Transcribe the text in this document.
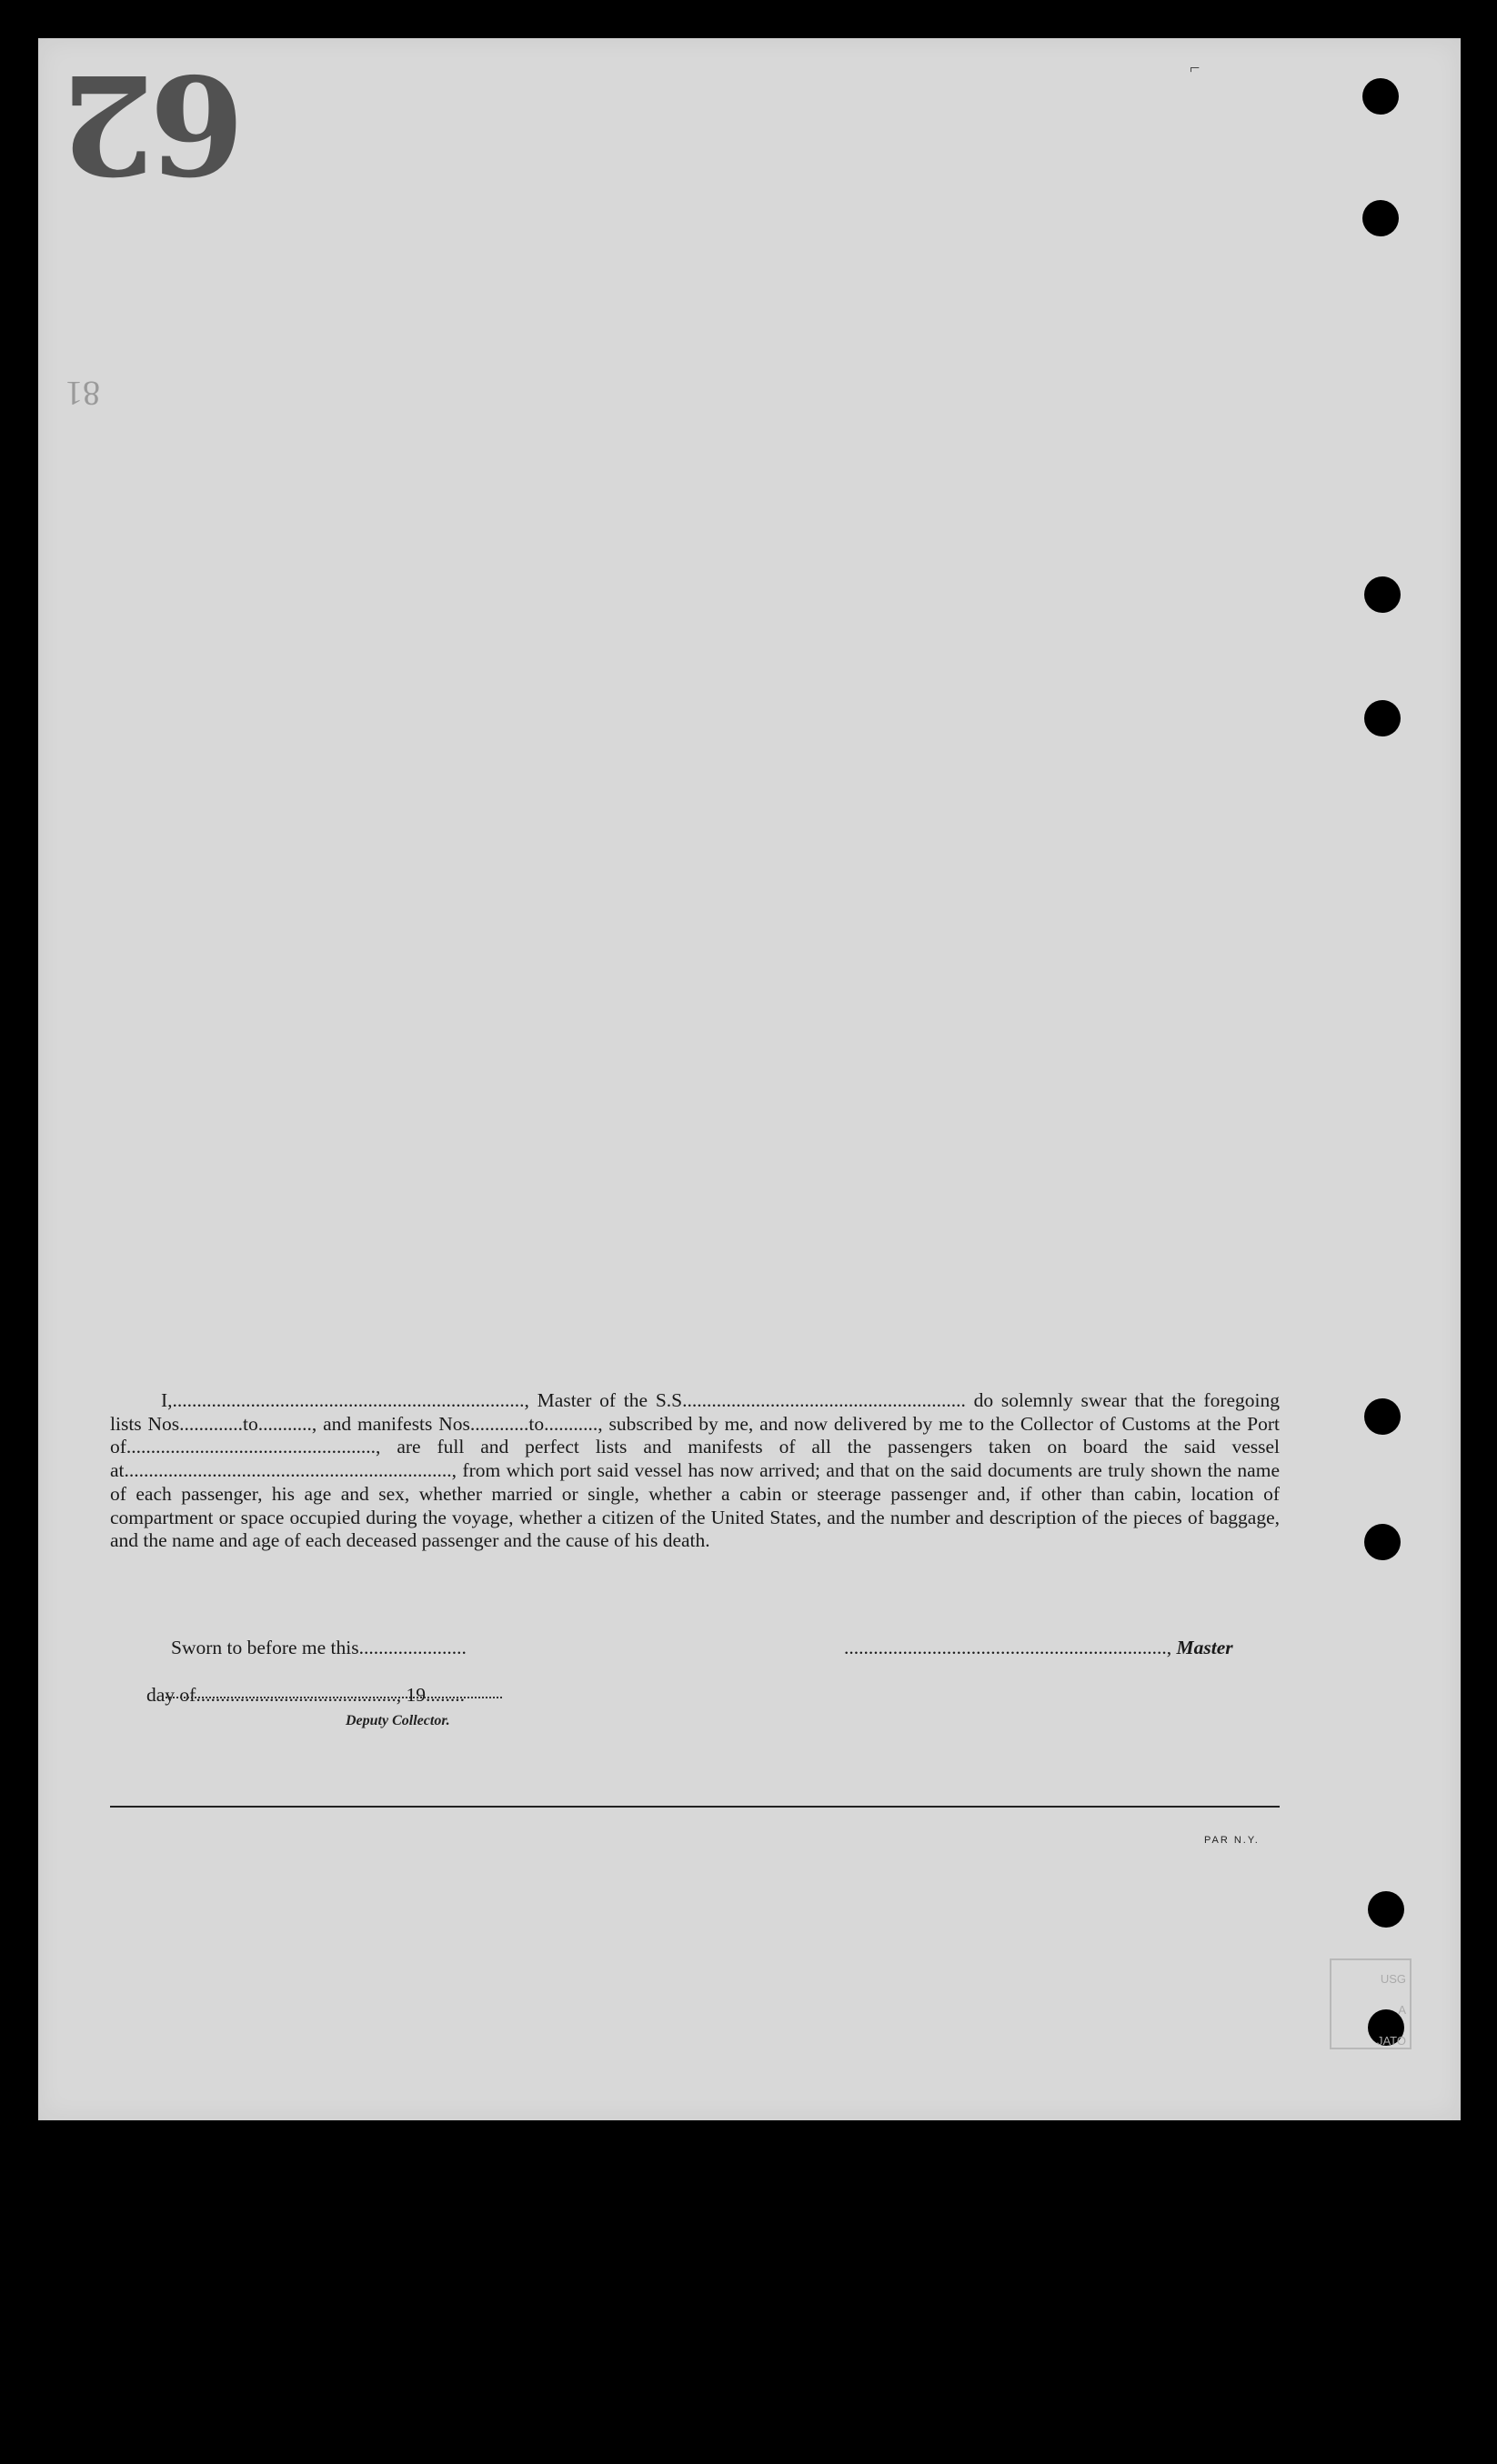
62
81
⌐

I,........................................................................, Master of the S.S.......................................................... do solemnly swear that the foregoing lists Nos.............to..........., and manifests Nos............to..........., subscribed by me, and now delivered by me to the Collector of Customs at the Port of..................................................., are full and perfect lists and manifests of all the passengers taken on board the said vessel at..................................................................., from which port said vessel has now arrived; and that on the said documents are truly shown the name of each passenger, his age and sex, whether married or single, whether a cabin or steerage passenger and, if other than cabin, location of compartment or space occupied during the voyage, whether a citizen of the United States, and the number and description of the pieces of baggage, and the name and age of each deceased passenger and the cause of his death.

Sworn to before me this......................	.................................................................., Master
day of........................................., 19........
Deputy Collector.
PAR N.Y.
USG
A
JATO
